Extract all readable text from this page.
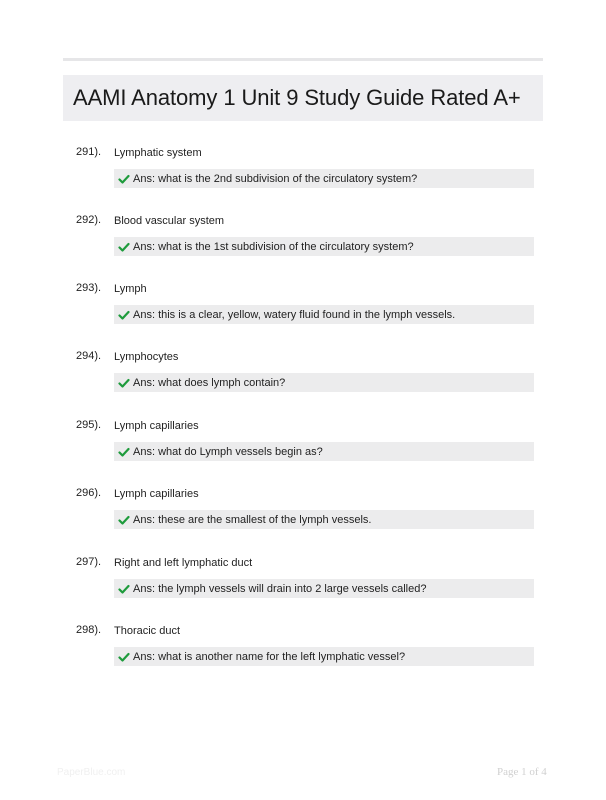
AAMI Anatomy 1 Unit 9 Study Guide Rated A+
291). Lymphatic system
Ans: what is the 2nd subdivision of the circulatory system?
292). Blood vascular system
Ans: what is the 1st subdivision of the circulatory system?
293). Lymph
Ans: this is a clear, yellow, watery fluid found in the lymph vessels.
294). Lymphocytes
Ans: what does lymph contain?
295). Lymph capillaries
Ans: what do Lymph vessels begin as?
296). Lymph capillaries
Ans: these are the smallest of the lymph vessels.
297). Right and left lymphatic duct
Ans: the lymph vessels will drain into 2 large vessels called?
298). Thoracic duct
Ans: what is another name for the left lymphatic vessel?
PaperBlue.com	Page 1 of 4
